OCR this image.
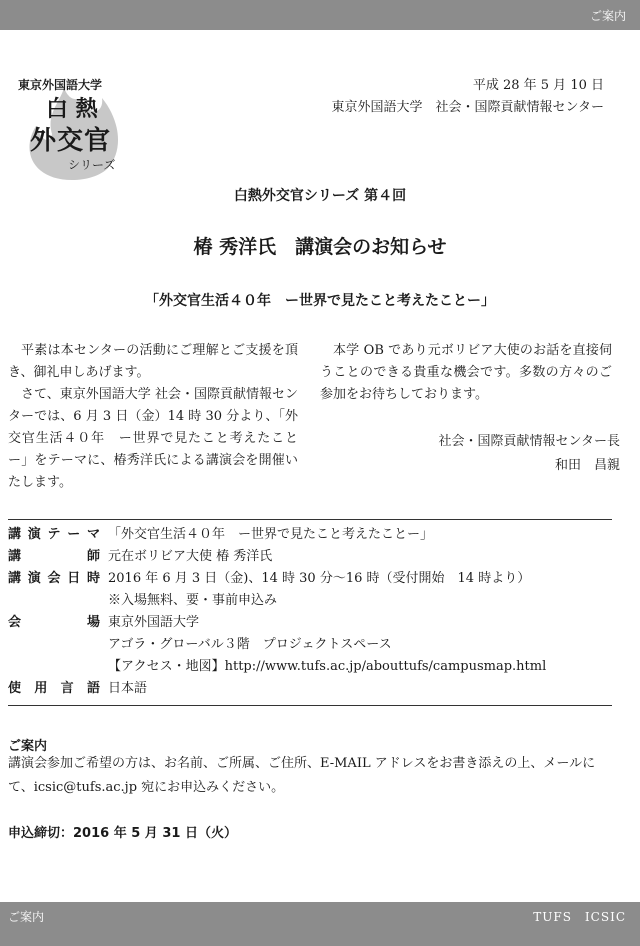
ご案内
東京外国語大学
白 熱
外交官
シリーズ
平成 28 年 5 月 10 日
東京外国語大学　社会・国際貢献情報センター
白熱外交官シリーズ 第４回
椿 秀洋氏　講演会のお知らせ
「外交官生活４０年　ー世界で見たこと考えたことー」

平素は本センターの活動にご理解とご支援を頂き、御礼申しあげます。

さて、東京外国語大学 社会・国際貢献情報センターでは、6 月 3 日（金）14 時 30 分より、「外交官生活４０年　ー世界で見たこと考えたことー」をテーマに、椿秀洋氏による講演会を開催いたします。

本学 OB であり元ボリビア大使のお話を直接伺うことのできる貴重な機会です。多数の方々のご参加をお待ちしております。

社会・国際貢献情報センター長
和田　昌親
講 演 テ ー マ 「外交官生活４０年　ー世界で見たこと考えたことー」
講	師 元在ボリビア大使 椿 秀洋氏
講 演 会 日 時 2016 年 6 月 3 日（金)、14 時 30 分～16 時（受付開始　14 時より）
※入場無料、要・事前申込み
会	場 東京外国語大学
アゴラ・グローバル３階　プロジェクトスペース
【アクセス・地図】http://www.tufs.ac.jp/abouttufs/campusmap.html
使 用 言 語 日本語
ご案内
講演会参加ご希望の方は、お名前、ご所属、ご住所、E-MAIL アドレスをお書き添えの上、メールにて、icsic@tufs.ac.jp 宛にお申込みください。
申込締切：2016 年 5 月 31 日（火）
ご案内	TUFS　ICSIC
